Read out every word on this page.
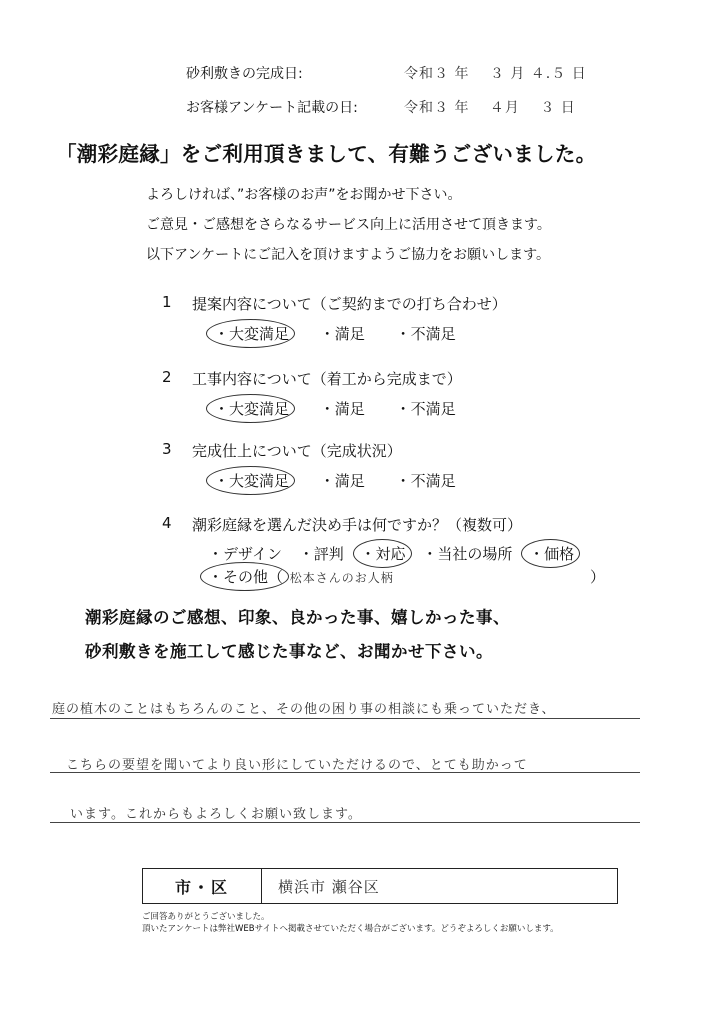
砂利敷きの完成日:	令和３ 年　 ３ 月 ４.５ 日
お客様アンケート記載の日:	令和３ 年　 ４月 　３ 日
「潮彩庭縁」をご利用頂きまして、有難うございました。
よろしければ、”お客様のお声”をお聞かせ下さい。
ご意見・ご感想をさらなるサービス向上に活用させて頂きます。
以下アンケートにご記入を頂けますようご協力をお願いします。
1 提案内容について（ご契約までの打ち合わせ）
・大変満足 ・満足 ・不満足
2 工事内容について（着工から完成まで）
・大変満足 ・満足 ・不満足
3 完成仕上について（完成状況）
・大変満足 ・満足 ・不満足
4 潮彩庭縁を選んだ決め手は何ですか？（複数可）
・デザイン ・評判 ・対応 ・当社の場所 ・価格
・その他（ 松本さんのお人柄	）
潮彩庭縁のご感想、印象、良かった事、嬉しかった事、
砂利敷きを施工して感じた事など、お聞かせ下さい。
庭の植木のことはもちろんのこと、その他の困り事の相談にも乗っていただき、
こちらの要望を聞いてより良い形にしていただけるので、とても助かって
います。これからもよろしくお願い致します。
市・区	横浜市 瀬谷区
ご回答ありがとうございました。
頂いたアンケートは弊社WEBサイトへ掲載させていただく場合がございます。どうぞよろしくお願いします。
